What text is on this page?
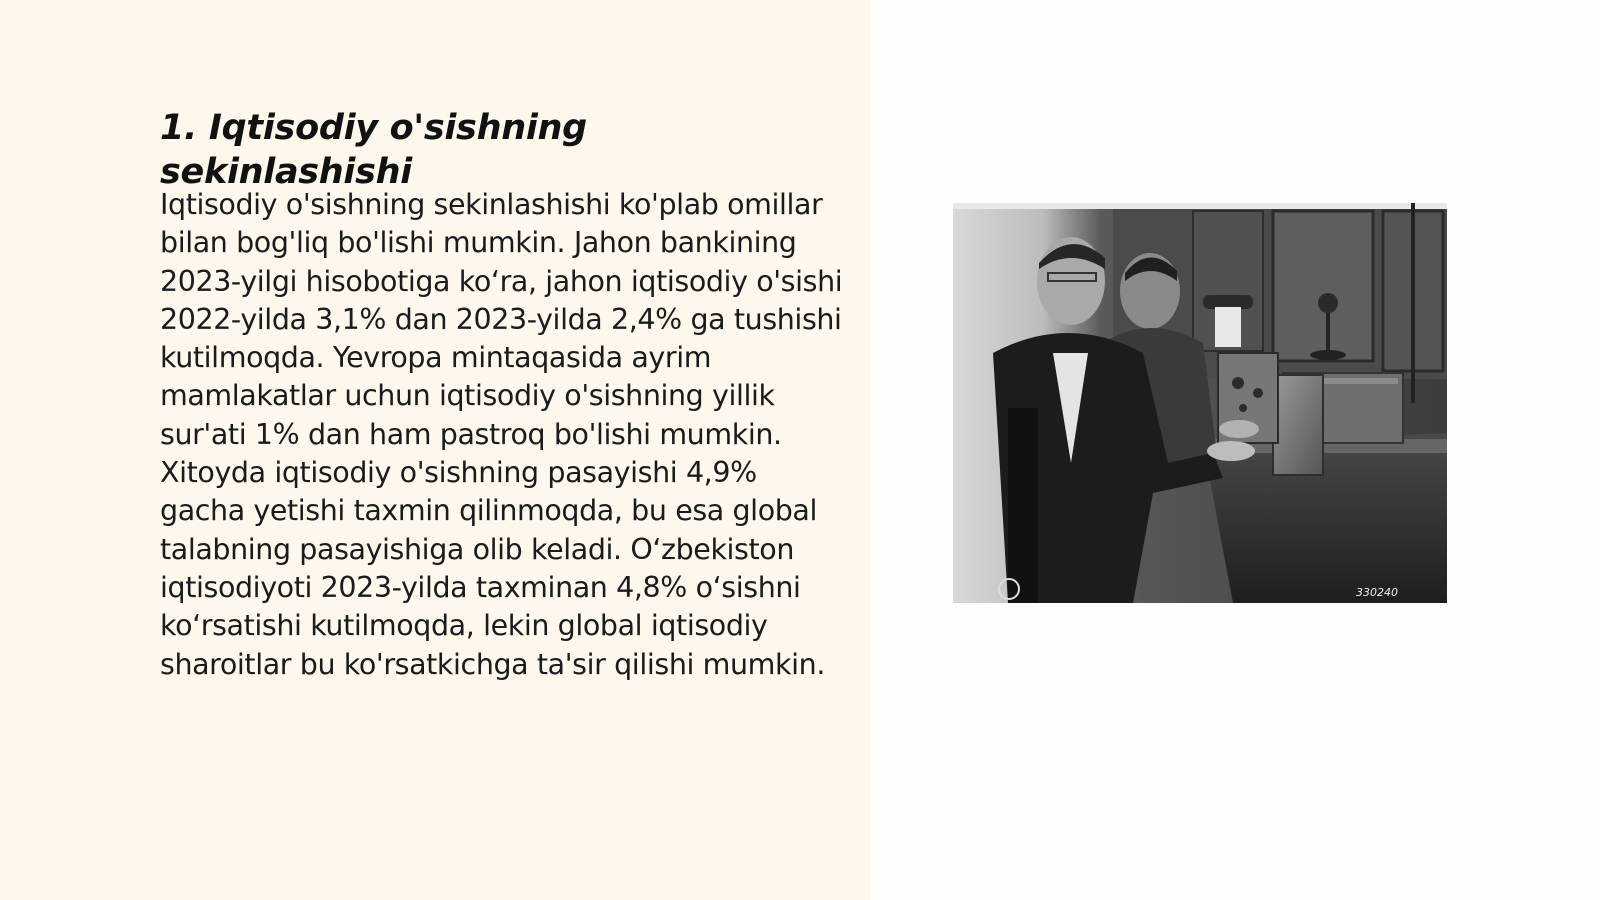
1. Iqtisodiy o'sishning sekinlashishi

Iqtisodiy o'sishning sekinlashishi ko'plab omillar bilan bog'liq bo'lishi mumkin. Jahon bankining 2023-yilgi hisobotiga ko‘ra, jahon iqtisodiy o'sishi 2022-yilda 3,1% dan 2023-yilda 2,4% ga tushishi kutilmoqda. Yevropa mintaqasida ayrim mamlakatlar uchun iqtisodiy o'sishning yillik sur'ati 1% dan ham pastroq bo'lishi mumkin. Xitoyda iqtisodiy o'sishning pasayishi 4,9% gacha yetishi taxmin qilinmoqda, bu esa global talabning pasayishiga olib keladi. O‘zbekiston iqtisodiyoti 2023-yilda taxminan 4,8% o‘sishni ko‘rsatishi kutilmoqda, lekin global iqtisodiy sharoitlar bu ko'rsatkichga ta'sir qilishi mumkin.

330240
